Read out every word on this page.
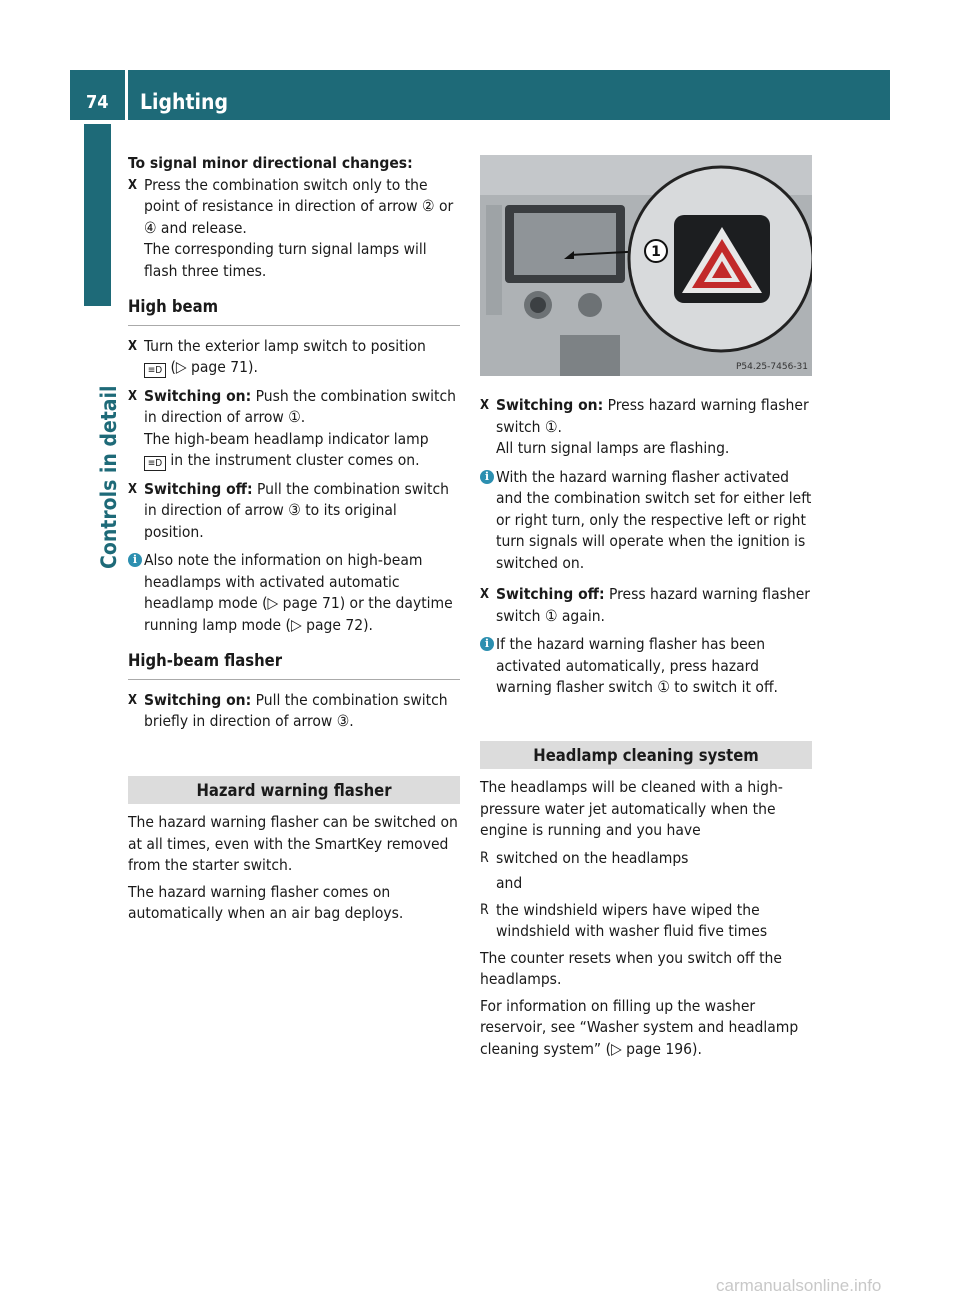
74 Lighting
Controls in detail

To signal minor directional changes:

X Press the combination switch only to the point of resistance in direction of arrow ② or ④ and release.

The corresponding turn signal lamps will flash three times.

High beam
X Turn the exterior lamp switch to position
≡D (▷ page 71).

X Switching on: Push the combination switch in direction of arrow ①.

The high-beam headlamp indicator lamp
≡D in the instrument cluster comes on.

X Switching off: Pull the combination switch in direction of arrow ③ to its original position.

i Also note the information on high-beam headlamps with activated automatic headlamp mode (▷ page 71) or the daytime running lamp mode (▷ page 72).

High-beam flasher
X Switching on: Pull the combination switch briefly in direction of arrow ③.

Hazard warning flasher

The hazard warning flasher can be switched on at all times, even with the SmartKey removed from the starter switch.

The hazard warning flasher comes on automatically when an air bag deploys.

1
P54.25-7456-31
X Switching on: Press hazard warning flasher switch ①.

All turn signal lamps are flashing.

i With the hazard warning flasher activated and the combination switch set for either left or right turn, only the respective left or right turn signals will operate when the ignition is switched on.

X Switching off: Press hazard warning flasher switch ① again.

i If the hazard warning flasher has been activated automatically, press hazard warning flasher switch ① to switch it off.

Headlamp cleaning system

The headlamps will be cleaned with a high-pressure water jet automatically when the engine is running and you have

R switched on the headlamps

and

R the windshield wipers have wiped the windshield with washer fluid five times

The counter resets when you switch off the headlamps.

For information on filling up the washer reservoir, see “Washer system and headlamp cleaning system” (▷ page 196).

carmanualsonline.info
